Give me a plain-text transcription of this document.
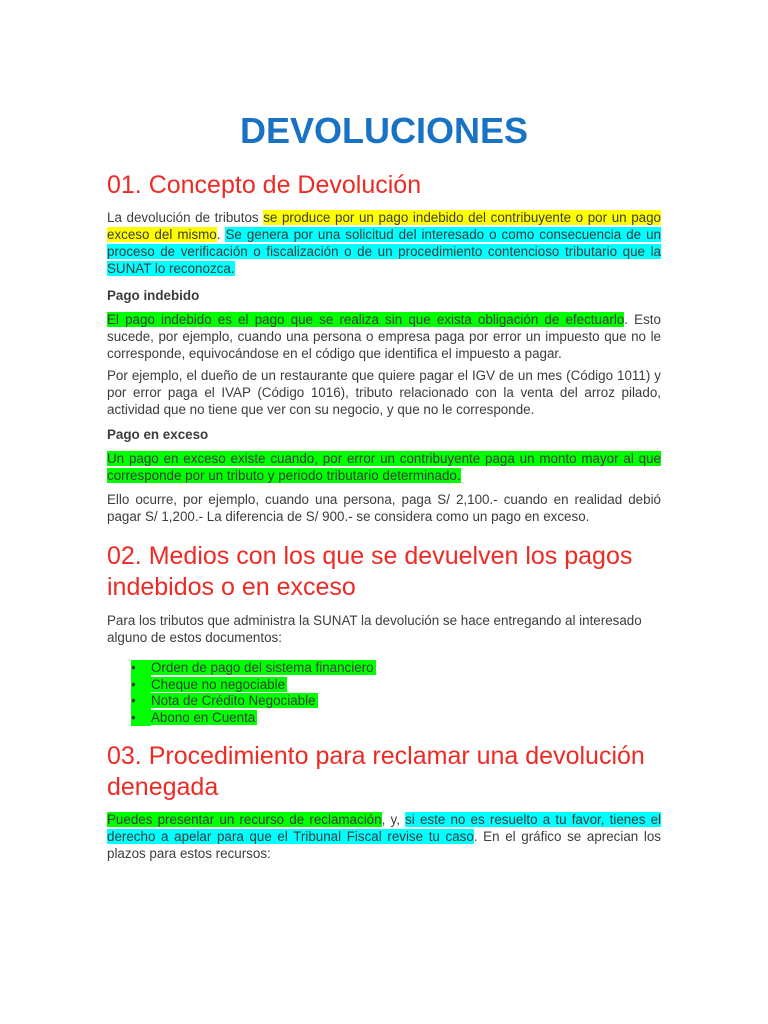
DEVOLUCIONES
01. Concepto de Devolución

La devolución de tributos se produce por un pago indebido del contribuyente o por un pago exceso del mismo. Se genera por una solicitud del interesado o como consecuencia de un proceso de verificación o fiscalización o de un procedimiento contencioso tributario que la SUNAT lo reconozca.

Pago indebido

El pago indebido es el pago que se realiza sin que exista obligación de efectuarlo. Esto sucede, por ejemplo, cuando una persona o empresa paga por error un impuesto que no le corresponde, equivocándose en el código que identifica el impuesto a pagar.

Por ejemplo, el dueño de un restaurante que quiere pagar el IGV de un mes (Código 1011) y por error paga el IVAP (Código 1016), tributo relacionado con la venta del arroz pilado, actividad que no tiene que ver con su negocio, y que no le corresponde.

Pago en exceso

Un pago en exceso existe cuando, por error un contribuyente paga un monto mayor al que corresponde por un tributo y periodo tributario determinado.

Ello ocurre, por ejemplo, cuando una persona, paga S/ 2,100.- cuando en realidad debió pagar S/ 1,200.- La diferencia de S/ 900.- se considera como un pago en exceso.

02. Medios con los que se devuelven los pagos indebidos o en exceso

Para los tributos que administra la SUNAT la devolución se hace entregando al interesado alguno de estos documentos:

•	Orden de pago del sistema financiero
•	Cheque no negociable
•	Nota de Crédito Negociable
•	Abono en Cuenta
03. Procedimiento para reclamar una devolución denegada

Puedes presentar un recurso de reclamación, y, si este no es resuelto a tu favor, tienes el derecho a apelar para que el Tribunal Fiscal revise tu caso. En el gráfico se aprecian los plazos para estos recursos:
